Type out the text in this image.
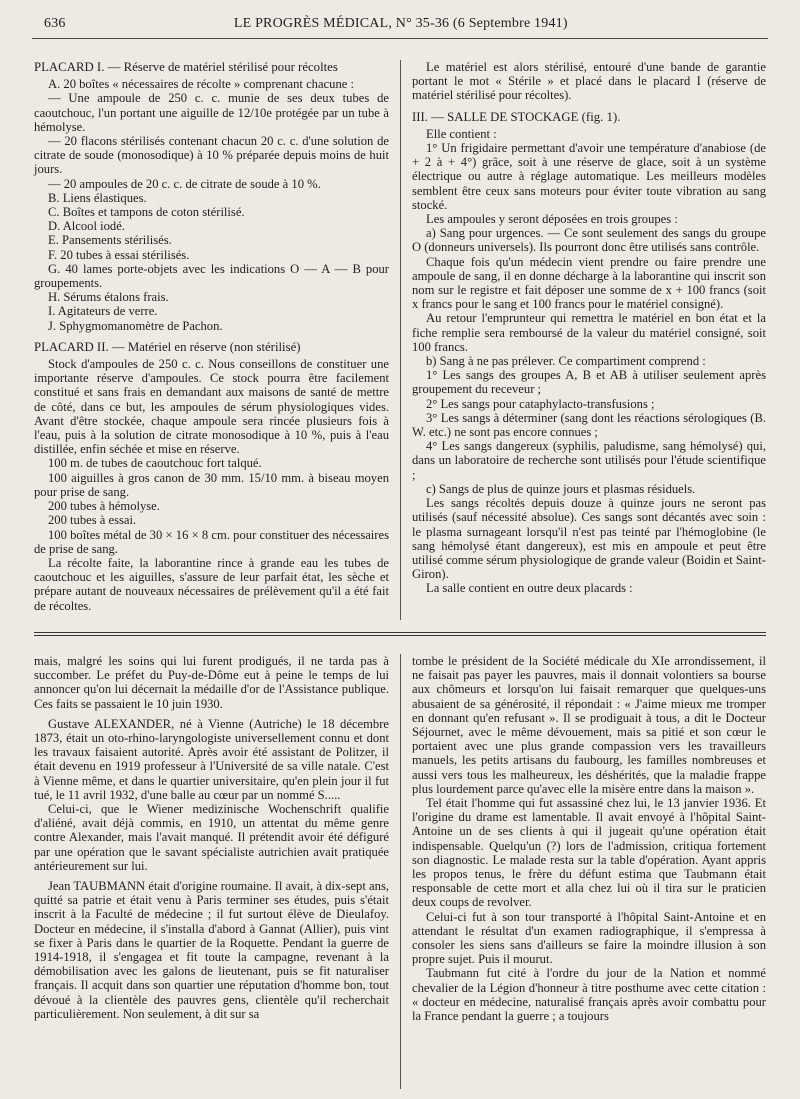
636	LE PROGRÈS MÉDICAL, N° 35-36 (6 Septembre 1941)

PLACARD I. — Réserve de matériel stérilisé pour récoltes

A. 20 boîtes « nécessaires de récolte » comprenant chacune :

— Une ampoule de 250 c. c. munie de ses deux tubes de caoutchouc, l'un portant une aiguille de 12/10e protégée par un tube à hémolyse.

— 20 flacons stérilisés contenant chacun 20 c. c. d'une solution de citrate de soude (monosodique) à 10 % préparée depuis moins de huit jours.

— 20 ampoules de 20 c. c. de citrate de soude à 10 %.

B. Liens élastiques.

C. Boîtes et tampons de coton stérilisé.

D. Alcool iodé.

E. Pansements stérilisés.

F. 20 tubes à essai stérilisés.

G. 40 lames porte-objets avec les indications O — A — B pour groupements.

H. Sérums étalons frais.

I. Agitateurs de verre.

J. Sphygmomanomètre de Pachon.

PLACARD II. — Matériel en réserve (non stérilisé)

Stock d'ampoules de 250 c. c. Nous conseillons de constituer une importante réserve d'ampoules. Ce stock pourra être facilement constitué et sans frais en demandant aux maisons de santé de mettre de côté, dans ce but, les ampoules de sérum physiologiques vides. Avant d'être stockée, chaque ampoule sera rincée plusieurs fois à l'eau, puis à la solution de citrate monosodique à 10 %, puis à l'eau distillée, enfin séchée et mise en réserve.

100 m. de tubes de caoutchouc fort talqué.

100 aiguilles à gros canon de 30 mm. 15/10 mm. à biseau moyen pour prise de sang.

200 tubes à hémolyse.

200 tubes à essai.

100 boîtes métal de 30 × 16 × 8 cm. pour constituer des nécessaires de prise de sang.

La récolte faite, la laborantine rince à grande eau les tubes de caoutchouc et les aiguilles, s'assure de leur parfait état, les sèche et prépare autant de nouveaux nécessaires de prélèvement qu'il a été fait de récoltes.

Le matériel est alors stérilisé, entouré d'une bande de garantie portant le mot « Stérile » et placé dans le placard I (réserve de matériel stérilisé pour récoltes).

III. — SALLE DE STOCKAGE (fig. 1).

Elle contient :

1° Un frigidaire permettant d'avoir une température d'anabiose (de + 2 à + 4°) grâce, soit à une réserve de glace, soit à un système électrique ou autre à réglage automatique. Les meilleurs modèles semblent être ceux sans moteurs pour éviter toute vibration au sang stocké.

Les ampoules y seront déposées en trois groupes :

a) Sang pour urgences. — Ce sont seulement des sangs du groupe O (donneurs universels). Ils pourront donc être utilisés sans contrôle.

Chaque fois qu'un médecin vient prendre ou faire prendre une ampoule de sang, il en donne décharge à la laborantine qui inscrit son nom sur le registre et fait déposer une somme de x + 100 francs (soit x francs pour le sang et 100 francs pour le matériel consigné).

Au retour l'emprunteur qui remettra le matériel en bon état et la fiche remplie sera remboursé de la valeur du matériel consigné, soit 100 francs.

b) Sang à ne pas prélever. Ce compartiment comprend :

1° Les sangs des groupes A, B et AB à utiliser seulement après groupement du receveur ;

2° Les sangs pour cataphylacto-transfusions ;

3° Les sangs à déterminer (sang dont les réactions sérologiques (B. W. etc.) ne sont pas encore connues ;

4° Les sangs dangereux (syphilis, paludisme, sang hémolysé) qui, dans un laboratoire de recherche sont utilisés pour l'étude scientifique ;

c) Sangs de plus de quinze jours et plasmas résiduels.

Les sangs récoltés depuis douze à quinze jours ne seront pas utilisés (sauf nécessité absolue). Ces sangs sont décantés avec soin : le plasma surnageant lorsqu'il n'est pas teinté par l'hémoglobine (le sang hémolysé étant dangereux), est mis en ampoule et peut être utilisé comme sérum physiologique de grande valeur (Boidin et Saint-Giron).

La salle contient en outre deux placards :

mais, malgré les soins qui lui furent prodigués, il ne tarda pas à succomber. Le préfet du Puy-de-Dôme eut à peine le temps de lui annoncer qu'on lui décernait la médaille d'or de l'Assistance publique. Ces faits se passaient le 10 juin 1930.

Gustave ALEXANDER, né à Vienne (Autriche) le 18 décembre 1873, était un oto-rhino-laryngologiste universellement connu et dont les travaux faisaient autorité. Après avoir été assistant de Politzer, il était devenu en 1919 professeur à l'Université de sa ville natale. C'est à Vienne même, et dans le quartier universitaire, qu'en plein jour il fut tué, le 11 avril 1932, d'une balle au cœur par un nommé S.....

Celui-ci, que le Wiener medizinische Wochenschrift qualifie d'aliéné, avait déjà commis, en 1910, un attentat du même genre contre Alexander, mais l'avait manqué. Il prétendit avoir été défiguré par une opération que le savant spécialiste autrichien avait pratiquée antérieurement sur lui.

Jean TAUBMANN était d'origine roumaine. Il avait, à dix-sept ans, quitté sa patrie et était venu à Paris terminer ses études, puis s'était inscrit à la Faculté de médecine ; il fut surtout élève de Dieulafoy. Docteur en médecine, il s'installa d'abord à Gannat (Allier), puis vint se fixer à Paris dans le quartier de la Roquette. Pendant la guerre de 1914-1918, il s'engagea et fit toute la campagne, revenant à la démobilisation avec les galons de lieutenant, puis se fit naturaliser français. Il acquit dans son quartier une réputation d'homme bon, tout dévoué à la clientèle des pauvres gens, clientèle qu'il recherchait particulièrement. Non seulement, à dit sur sa

tombe le président de la Société médicale du XIe arrondissement, il ne faisait pas payer les pauvres, mais il donnait volontiers sa bourse aux chômeurs et lorsqu'on lui faisait remarquer que quelques-uns abusaient de sa générosité, il répondait : « J'aime mieux me tromper en donnant qu'en refusant ». Il se prodiguait à tous, a dit le Docteur Séjournet, avec le même dévouement, mais sa pitié et son cœur le portaient avec une plus grande compassion vers les travailleurs manuels, les petits artisans du faubourg, les familles nombreuses et aussi vers tous les malheureux, les déshérités, que la maladie frappe plus lourdement parce qu'avec elle la misère entre dans la maison ».

Tel était l'homme qui fut assassiné chez lui, le 13 janvier 1936. Et l'origine du drame est lamentable. Il avait envoyé à l'hôpital Saint-Antoine un de ses clients à qui il jugeait qu'une opération était indispensable. Quelqu'un (?) lors de l'admission, critiqua fortement son diagnostic. Le malade resta sur la table d'opération. Ayant appris les propos tenus, le frère du défunt estima que Taubmann était responsable de cette mort et alla chez lui où il tira sur le praticien deux coups de revolver.

Celui-ci fut à son tour transporté à l'hôpital Saint-Antoine et en attendant le résultat d'un examen radiographique, il s'empressa à consoler les siens sans d'ailleurs se faire la moindre illusion à son propre sujet. Puis il mourut.

Taubmann fut cité à l'ordre du jour de la Nation et nommé chevalier de la Légion d'honneur à titre posthume avec cette citation : « docteur en médecine, naturalisé français après avoir combattu pour la France pendant la guerre ; a toujours
